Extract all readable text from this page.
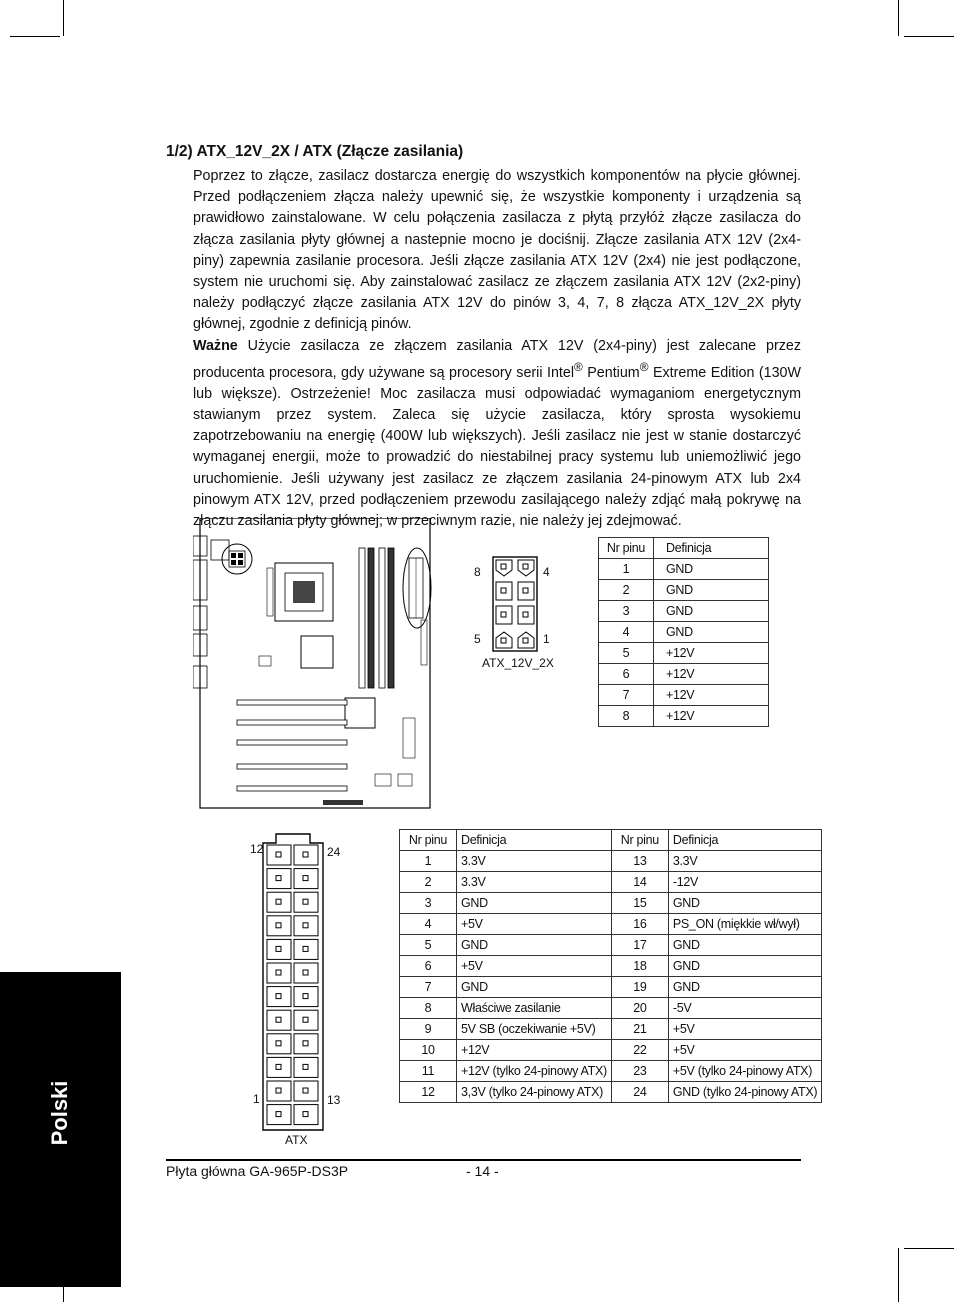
1/2) ATX_12V_2X / ATX (Złącze zasilania)

Poprzez to złącze, zasilacz dostarcza energię do wszystkich komponentów na płycie głównej. Przed podłączeniem złącza należy upewnić się, że wszystkie komponenty i urządzenia są prawidłowo zainstalowane. W celu połączenia zasilacza z płytą przyłóż złącze zasilacza do złącza zasilania płyty głównej a nastepnie mocno je dociśnij. Złącze zasilania ATX 12V (2x4-piny) zapewnia zasilanie procesora. Jeśli złącze zasilania ATX 12V (2x4) nie jest podłączone, system nie uruchomi się. Aby zainstalować zasilacz ze złączem zasilania ATX 12V (2x2-piny) należy podłączyć złącze zasilania ATX 12V do pinów 3, 4, 7, 8 złącza ATX_12V_2X płyty głównej, zgodnie z definicją pinów.
Ważne Użycie zasilacza ze złączem zasilania ATX 12V (2x4-piny) jest zalecane przez producenta procesora, gdy używane są procesory serii Intel® Pentium® Extreme Edition (130W lub większe). Ostrzeżenie! Moc zasilacza musi odpowiadać wymaganiom energetycznym stawianym przez system. Zaleca się użycie zasilacza, który sprosta wysokiemu zapotrzebowaniu na energię (400W lub większych). Jeśli zasilacz nie jest w stanie dostarczyć wymaganej energii, może to prowadzić do niestabilnej pracy systemu lub uniemożliwić jego uruchomienie. Jeśli używany jest zasilacz ze złączem zasilania 24-pinowym ATX lub 2x4 pinowym ATX 12V, przed podłączeniem przewodu zasilającego należy zdjąć małą pokrywę na złączu zasilania płyty głównej; w przeciwnym razie, nie należy jej zdejmować.

8	4
5	1
ATX_12V_2X
Nr pinu	Definicja
1	GND
2	GND
3	GND
4	GND
5	+12V
6	+12V
7	+12V
8	+12V
12	24
1	13
ATX
Nr pinu	Definicja	Nr pinu	Definicja
1	3.3V	13	3.3V
2	3.3V	14	-12V
3	GND	15	GND
4	+5V	16	PS_ON (miękkie wł/wył)
5	GND	17	GND
6	+5V	18	GND
7	GND	19	GND
8	Właściwe zasilanie	20	-5V
9	5V SB (oczekiwanie +5V)	21	+5V
10	+12V	22	+5V
11	+12V (tylko 24-pinowy ATX)	23	+5V (tylko 24-pinowy ATX)
12	3,3V (tylko 24-pinowy ATX)	24	GND (tylko 24-pinowy ATX)
Polski
Płyta główna GA-965P-DS3P	- 14 -
